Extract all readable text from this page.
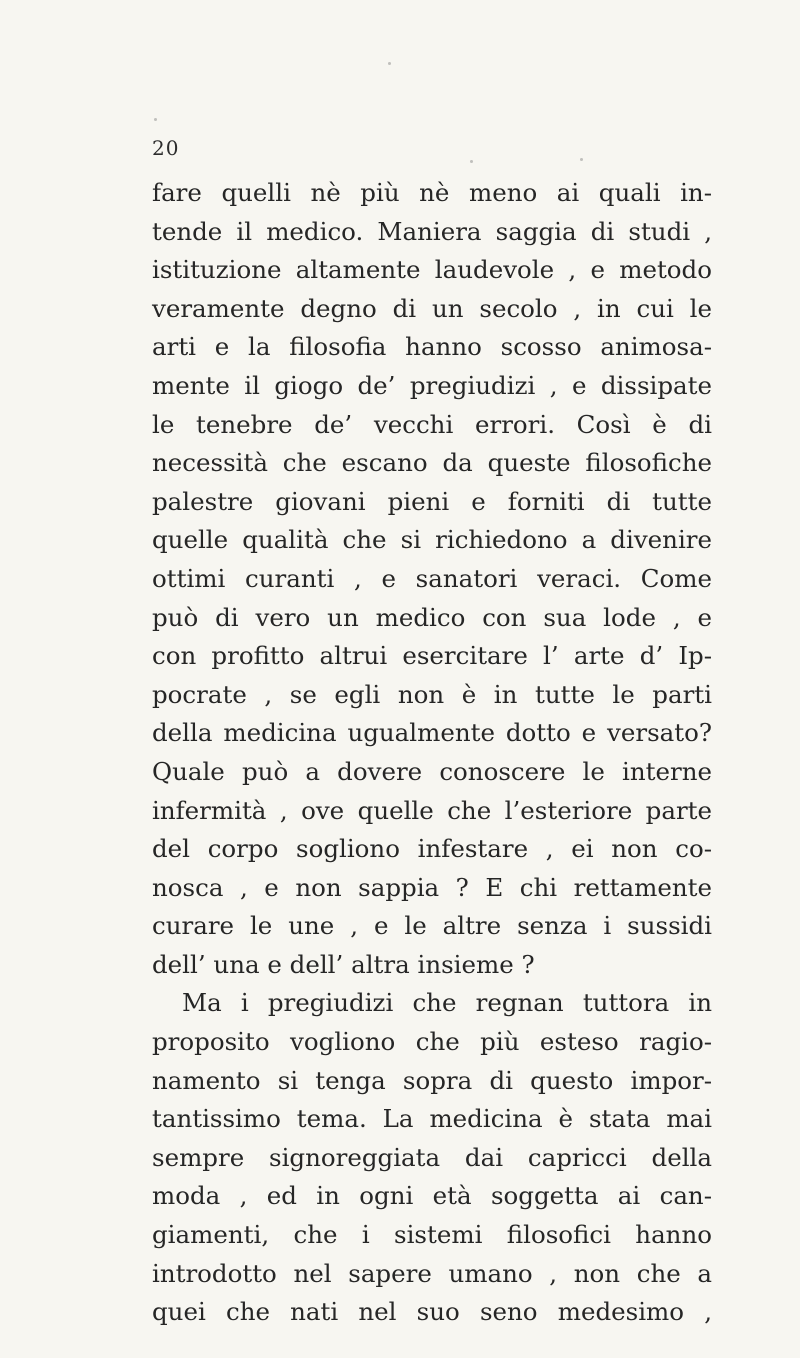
20
fare quelli nè più nè meno ai quali in-
tende il medico. Maniera saggia di studi ,
istituzione altamente laudevole , e metodo
veramente degno di un secolo , in cui le
arti e la filosofia hanno scosso animosa-
mente il giogo de’ pregiudizi , e dissipate
le tenebre de’ vecchi errori. Così è di
necessità che escano da queste filosofiche
palestre giovani pieni e forniti di tutte
quelle qualità che si richiedono a divenire
ottimi curanti , e sanatori veraci. Come
può di vero un medico con sua lode , e
con profitto altrui esercitare l’ arte d’ Ip-
pocrate , se egli non è in tutte le parti
della medicina ugualmente dotto e versato?
Quale può a dovere conoscere le interne
infermità , ove quelle che l’esteriore parte
del corpo sogliono infestare , ei non co-
nosca , e non sappia ? E chi rettamente
curare le une , e le altre senza i sussidi
dell’ una e dell’ altra insieme ?
Ma i pregiudizi che regnan tuttora in
proposito vogliono che più esteso ragio-
namento si tenga sopra di questo impor-
tantissimo tema. La medicina è stata mai
sempre signoreggiata dai capricci della
moda , ed in ogni età soggetta ai can-
giamenti, che i sistemi filosofici hanno
introdotto nel sapere umano , non che a
quei che nati nel suo seno medesimo ,
